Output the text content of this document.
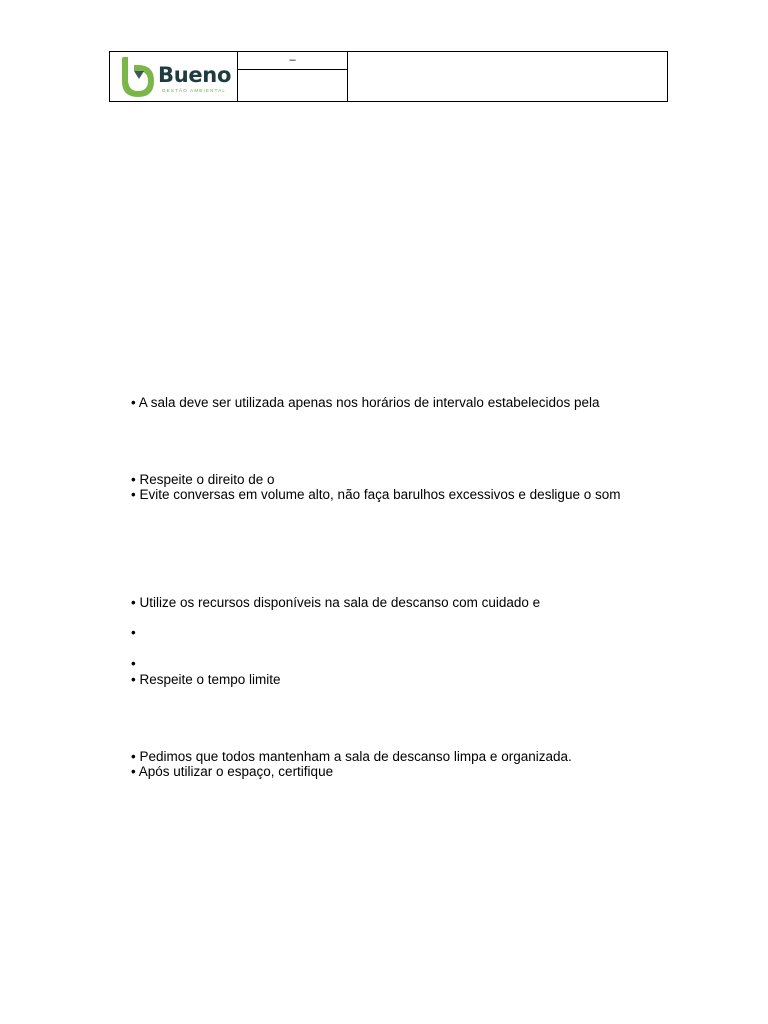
Bueno
GESTÃO AMBIENTAL
–
• A sala deve ser utilizada apenas nos horários de intervalo estabelecidos pela
• Respeite o direito de o
• Evite conversas em volume alto, não faça barulhos excessivos e desligue o som
• Utilize os recursos disponíveis na sala de descanso com cuidado e
•
•
• Respeite o tempo limite
• Pedimos que todos mantenham a sala de descanso limpa e organizada.
• Após utilizar o espaço, certifique
